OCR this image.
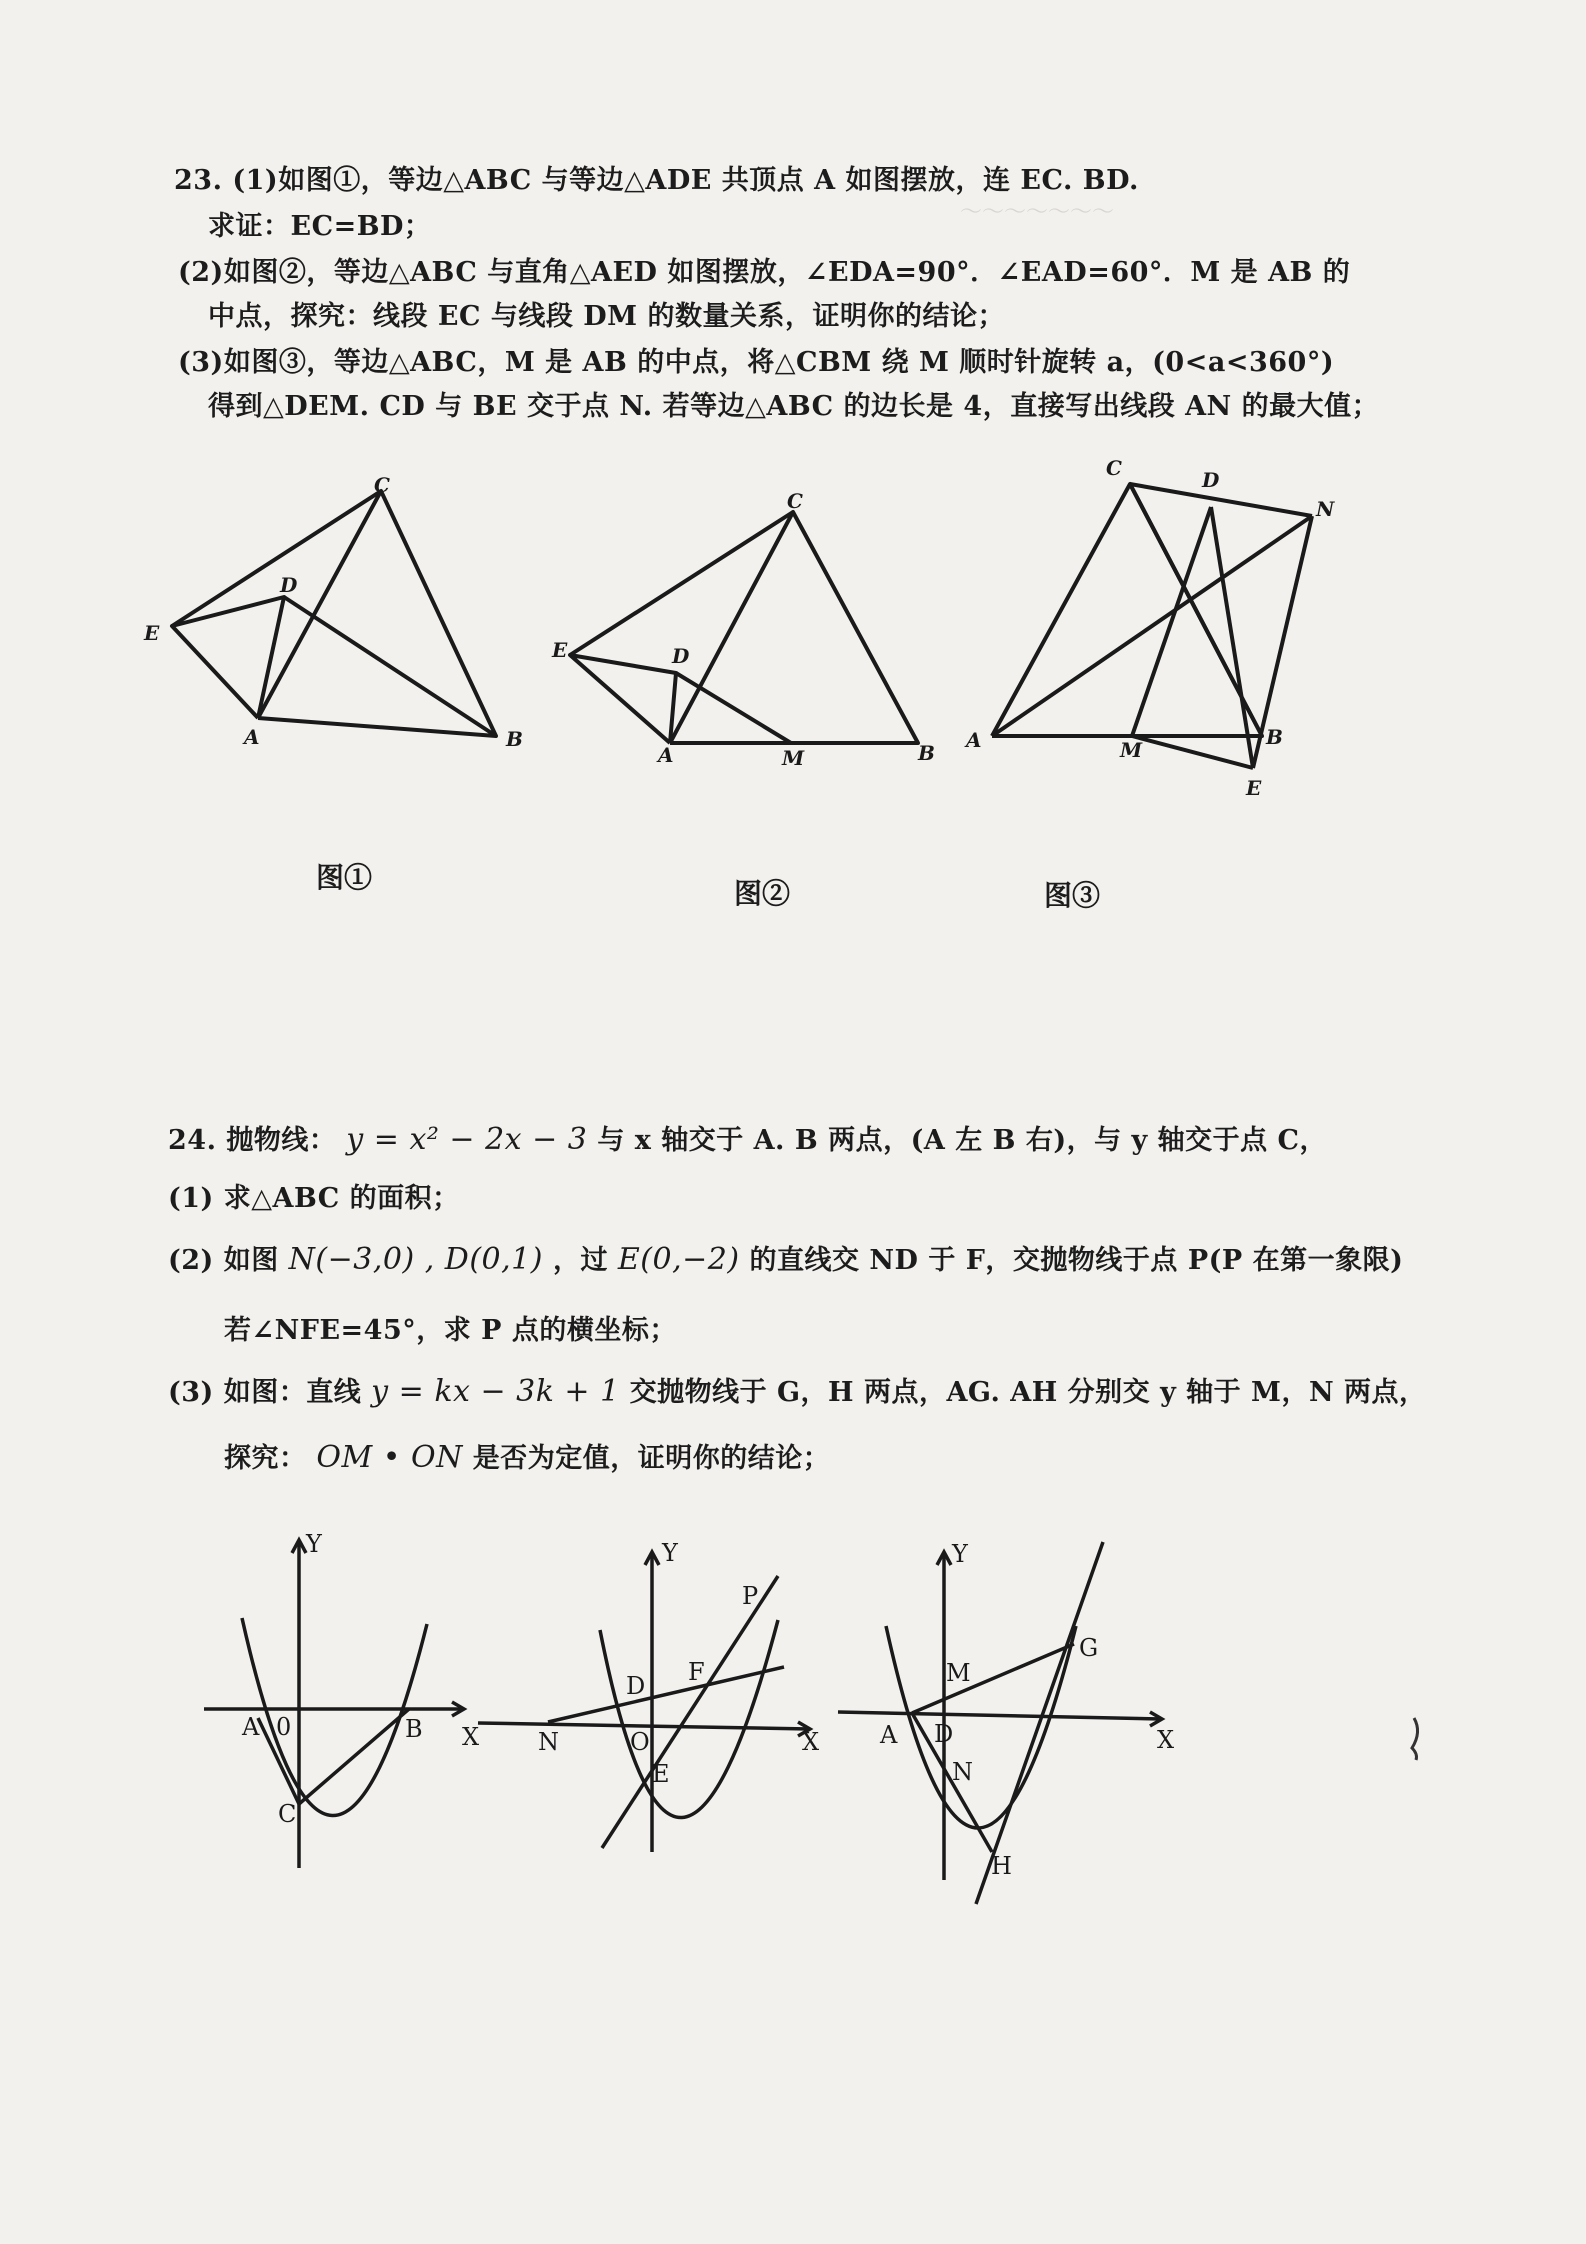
～～～～～～～
23. (1)如图①，等边△ABC 与等边△ADE 共顶点 A 如图摆放，连 EC. BD.
求证：EC=BD；
(2)如图②，等边△ABC 与直角△AED 如图摆放，∠EDA=90°．∠EAD=60°．M 是 AB 的
中点，探究：线段 EC 与线段 DM 的数量关系，证明你的结论；
(3)如图③，等边△ABC，M 是 AB 的中点，将△CBM 绕 M 顺时针旋转 a，(0<a<360°)
得到△DEM. CD 与 BE 交于点 N. 若等边△ABC 的边长是 4，直接写出线段 AN 的最大值；
C
D
E
A	B
C
D
E
A	M	B
C	D
N
A	M
B
E
图①	图②	图③
24. 抛物线： y = x² − 2x − 3 与 x 轴交于 A. B 两点，(A 左 B 右)，与 y 轴交于点 C，
(1) 求△ABC 的面积；
(2) 如图 N(−3,0) , D(0,1) ，过 E(0,−2) 的直线交 ND 于 F，交抛物线于点 P(P 在第一象限)
若∠NFE=45°，求 P 点的横坐标；
(3) 如图：直线 y = kx − 3k + 1 交抛物线于 G，H 两点，AG. AH 分别交 y 轴于 M，N 两点，
探究： OM • ON 是否为定值，证明你的结论；
A 0	B
C
Y
X N	O
D F
E
P
Y
X	A D
M
N
G
H
Y
X
